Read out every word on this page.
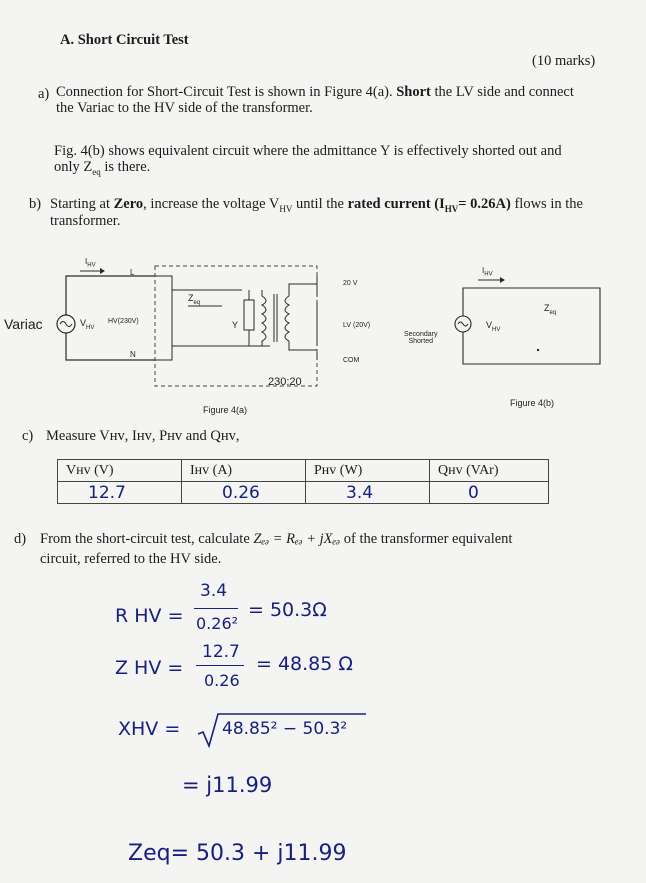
A. Short Circuit Test
(10 marks)
a) Connection for Short-Circuit Test is shown in Figure 4(a). Short the LV side and connect
the Variac to the HV side of the transformer.
Fig. 4(b) shows equivalent circuit where the admittance Y is effectively shorted out and
only $Z_{eq}$ is there.
b) Starting at Zero, increase the voltage $V_{HV}$ until the rated current $(I_{HV}= 0.26A)$ flows in the
transformer.
$I_{HV}$
L
N
$Z_{eq}$
Variac	$V_{HV}$
HV(230V)	Y
20 V
LV (20V)
COM
230:20
Figure 4(a)
$I_{HV}$
$Z_{eq}$
Secondary
Shorted
$V_{HV}$
Figure 4(b)
c) Measure Vʜᴠ, Iʜᴠ, Pʜᴠ and Qʜᴠ,
Vʜᴠ (V)	Iʜᴠ (A)	Pʜᴠ (W)	Qʜᴠ (VAr)
12.7	0.26	3.4	0
d) From the short-circuit test, calculate Zₑₔ = Rₑₔ + jXₑₔ of the transformer equivalent
circuit, referred to the HV side.
R HV =
3.4
0.26²
= 50.3Ω
Z HV =
12.7
0.26
= 48.85 Ω
XHV = 48.85² − 50.3²
= j11.99
Zeq= 50.3 + j11.99
